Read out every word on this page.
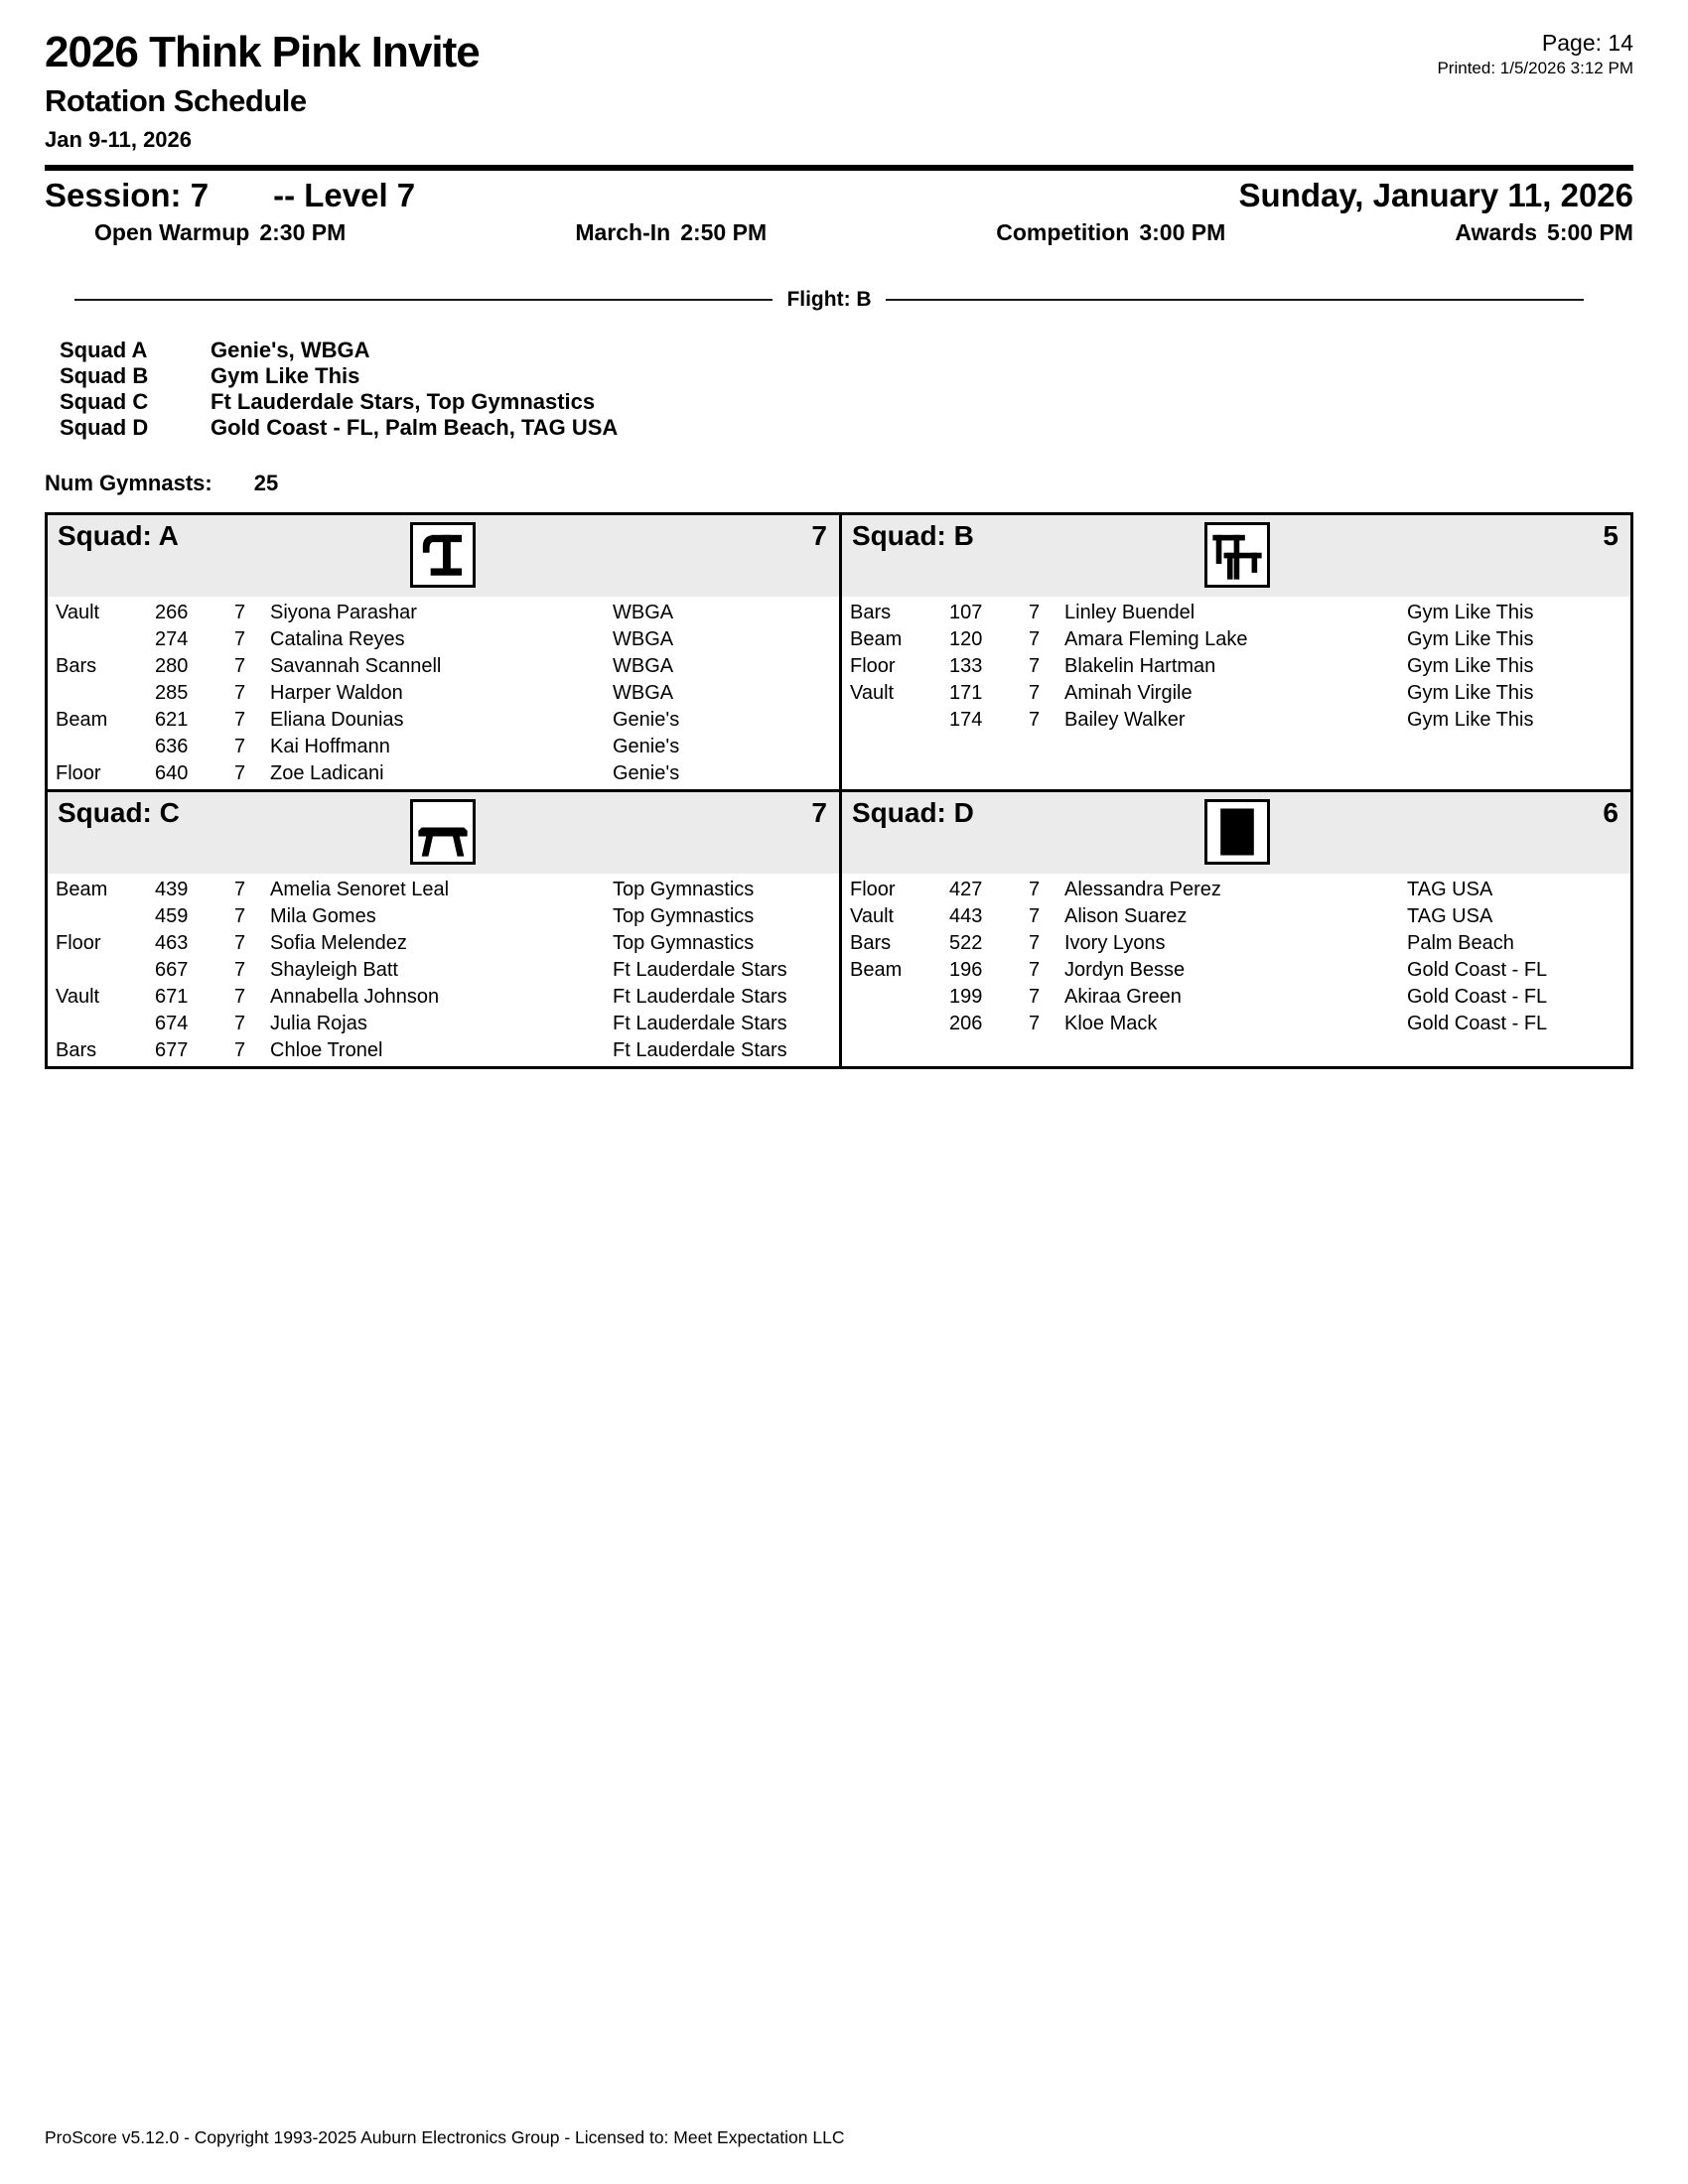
2026 Think Pink Invite
Rotation Schedule
Jan 9-11, 2026
Page: 14
Printed: 1/5/2026 3:12 PM
Session: 7 -- Level 7	Sunday, January 11, 2026
Open Warmup 2:30 PM	March-In 2:50 PM	Competition 3:00 PM	Awards 5:00 PM
Flight: B
Squad A	Genie's, WBGA
Squad B	Gym Like This
Squad C	Ft Lauderdale Stars, Top Gymnastics
Squad D	Gold Coast - FL, Palm Beach, TAG USA
Num Gymnasts: 25
Squad: A	7
Vault	266	7	Siyona Parashar	WBGA
274	7	Catalina Reyes	WBGA
Bars	280	7	Savannah Scannell	WBGA
285	7	Harper Waldon	WBGA
Beam	621	7	Eliana Dounias	Genie's
636	7	Kai Hoffmann	Genie's
Floor	640	7	Zoe Ladicani	Genie's
Squad: B	5
Bars	107	7	Linley Buendel	Gym Like This
Beam	120	7	Amara Fleming Lake	Gym Like This
Floor	133	7	Blakelin Hartman	Gym Like This
Vault	171	7	Aminah Virgile	Gym Like This
174	7	Bailey Walker	Gym Like This
Squad: C	7
Beam	439	7	Amelia Senoret Leal	Top Gymnastics
459	7	Mila Gomes	Top Gymnastics
Floor	463	7	Sofia Melendez	Top Gymnastics
667	7	Shayleigh Batt	Ft Lauderdale Stars
Vault	671	7	Annabella Johnson	Ft Lauderdale Stars
674	7	Julia Rojas	Ft Lauderdale Stars
Bars	677	7	Chloe Tronel	Ft Lauderdale Stars
Squad: D	6
Floor	427	7	Alessandra Perez	TAG USA
Vault	443	7	Alison Suarez	TAG USA
Bars	522	7	Ivory Lyons	Palm Beach
Beam	196	7	Jordyn Besse	Gold Coast - FL
199	7	Akiraa Green	Gold Coast - FL
206	7	Kloe Mack	Gold Coast - FL
ProScore v5.12.0 - Copyright 1993-2025 Auburn Electronics Group - Licensed to: Meet Expectation LLC
